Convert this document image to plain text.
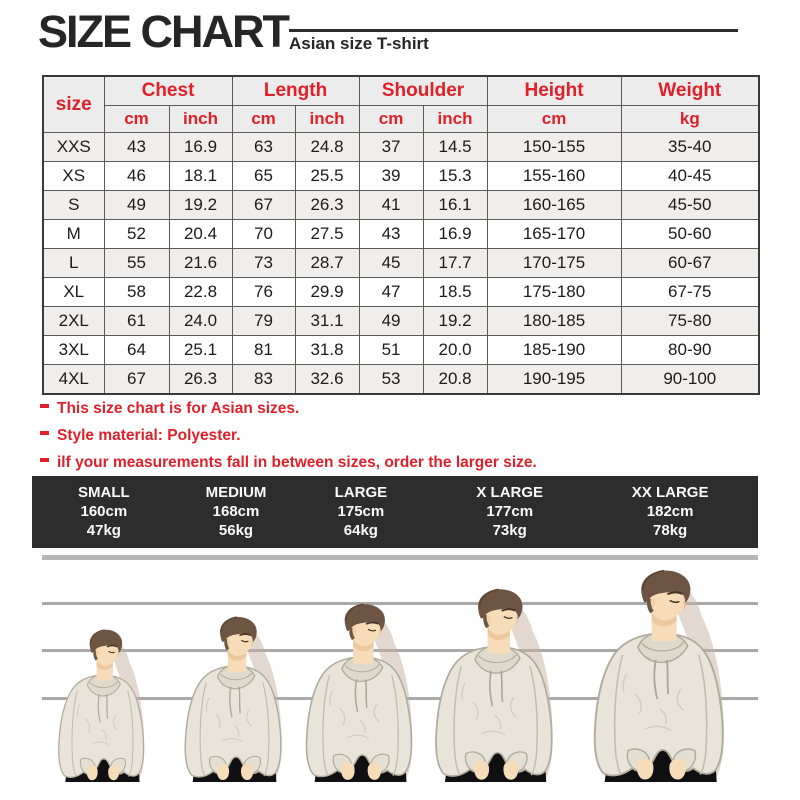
SIZE CHART Asian size T-shirt
size	Chest		Length		Shoulder		Height	Weight
	cm	inch	cm	inch	cm	inch	cm	kg
XXS	43	16.9	63	24.8	37	14.5	150-155	35-40
XS	46	18.1	65	25.5	39	15.3	155-160	40-45
S	49	19.2	67	26.3	41	16.1	160-165	45-50
M	52	20.4	70	27.5	43	16.9	165-170	50-60
L	55	21.6	73	28.7	45	17.7	170-175	60-67
XL	58	22.8	76	29.9	47	18.5	175-180	67-75
2XL	61	24.0	79	31.1	49	19.2	180-185	75-80
3XL	64	25.1	81	31.8	51	20.0	185-190	80-90
4XL	67	26.3	83	32.6	53	20.8	190-195	90-100
This size chart is for Asian sizes.
Style material: Polyester.
ilf your measurements fall in between sizes, order the larger size.
SMALL
160cm
47kg
MEDIUM
168cm
56kg
LARGE
175cm
64kg
X LARGE
177cm
73kg
XX LARGE
182cm
78kg
